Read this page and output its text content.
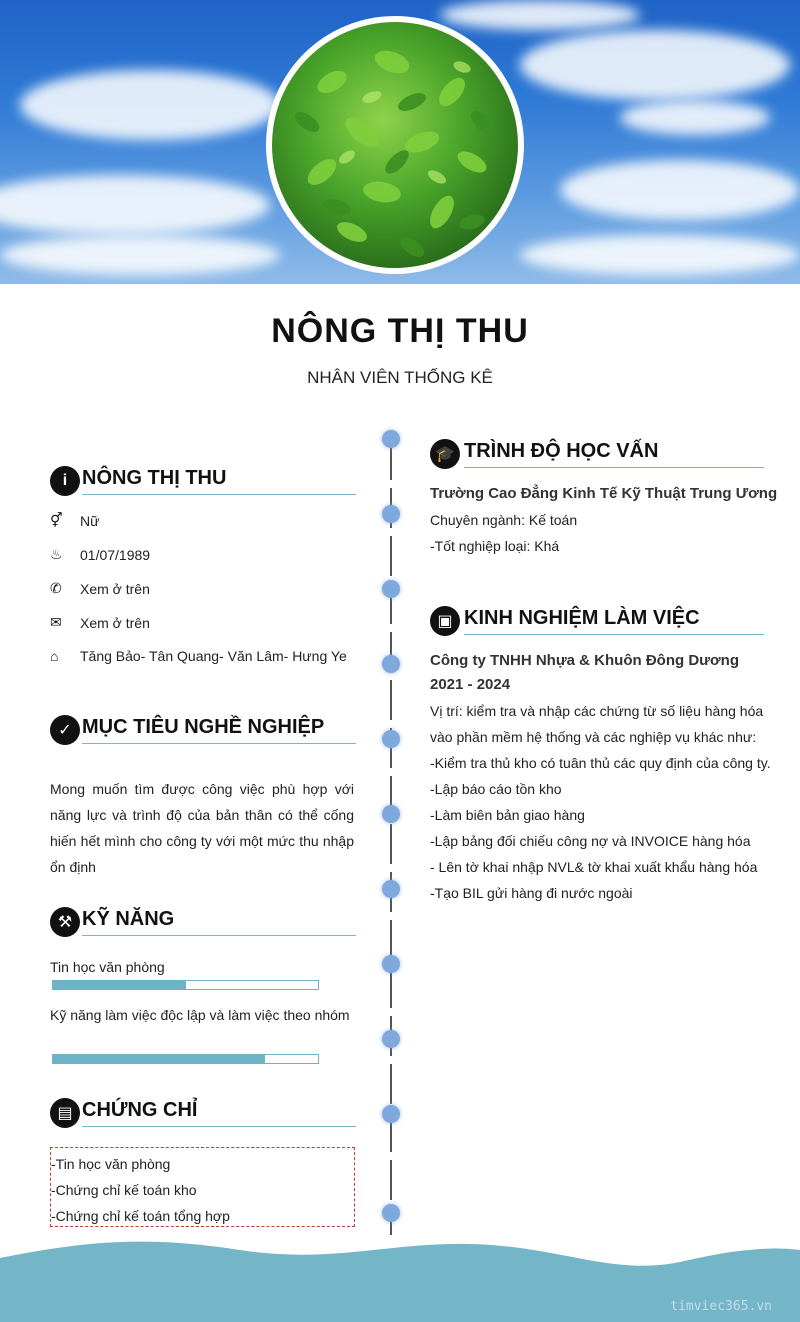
NÔNG THỊ THU
NHÂN VIÊN THỐNG KÊ
i NÔNG THỊ THU
⚥	Nữ
♨	01/07/1989
✆	Xem ở trên
✉	Xem ở trên
⌂	Tăng Bảo- Tân Quang- Văn Lâm- Hưng Ye
✓ MỤC TIÊU NGHỀ NGHIỆP
Mong muốn tìm được công việc phù hợp với năng lực và trình độ của bản thân có thể cống hiến hết mình cho công ty với một mức thu nhập ổn định
⚒ KỸ NĂNG
Tin học văn phòng
Kỹ năng làm việc độc lập và làm việc theo nhóm
▤ CHỨNG CHỈ
-Tin học văn phòng
-Chứng chỉ kế toán kho
-Chứng chỉ kế toán tổng hợp
🎓 TRÌNH ĐỘ HỌC VẤN
Trường Cao Đẳng Kinh Tế Kỹ Thuật Trung Ương
Chuyên ngành: Kế toán
-Tốt nghiệp loại: Khá
▣ KINH NGHIỆM LÀM VIỆC
Công ty TNHH Nhựa & Khuôn Đông Dương
2021 - 2024
Vị trí: kiểm tra và nhập các chứng từ số liệu hàng hóa
vào phần mềm hệ thống và các nghiệp vụ khác như:
-Kiểm tra thủ kho có tuân thủ các quy định của công ty.
-Lập báo cáo tồn kho
-Làm biên bản giao hàng
-Lập bảng đối chiếu công nợ và INVOICE hàng hóa
- Lên tờ khai nhập NVL& tờ khai xuất khẩu hàng hóa
-Tạo BIL gửi hàng đi nước ngoài
timviec365.vn
